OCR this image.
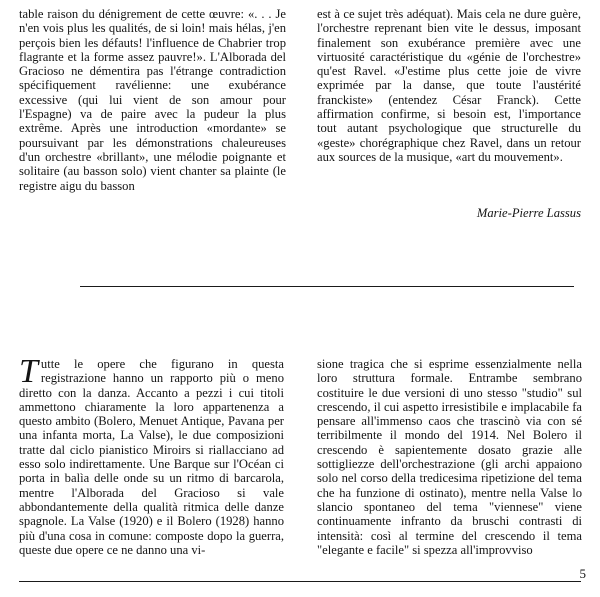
table raison du dénigrement de cette œuvre: «. . . Je n'en vois plus les qualités, de si loin! mais hélas, j'en perçois bien les défauts! l'influence de Chabrier trop flagrante et la forme assez pauvre!». L'Alborada del Gracioso ne démentira pas l'étrange contradiction spécifiquement ravélienne: une exubérance excessive (qui lui vient de son amour pour l'Espagne) va de paire avec la pudeur la plus extrême. Après une introduction «mordante» se poursuivant par les démonstrations chaleureuses d'un orchestre «brillant», une mélodie poignante et solitaire (au basson solo) vient chanter sa plainte (le registre aigu du basson

est à ce sujet très adéquat). Mais cela ne dure guère, l'orchestre reprenant bien vite le dessus, imposant finalement son exubérance première avec une virtuosité caractéristique du «génie de l'orchestre» qu'est Ravel. «J'estime plus cette joie de vivre exprimée par la danse, que toute l'austérité franckiste» (entendez César Franck). Cette affirmation confirme, si besoin est, l'importance tout autant psychologique que structurelle du «geste» chorégraphique chez Ravel, dans un retour aux sources de la musique, «art du mouvement».

Marie-Pierre Lassus

Tutte le opere che figurano in questa registrazione hanno un rapporto più o meno diretto con la danza. Accanto a pezzi i cui titoli ammettono chiaramente la loro appartenenza a questo ambito (Bolero, Menuet Antique, Pavana per una infanta morta, La Valse), le due composizioni tratte dal ciclo pianistico Miroirs si riallacciano ad esso solo indirettamente. Une Barque sur l'Océan ci porta in balìa delle onde su un ritmo di barcarola, mentre l'Alborada del Gracioso si vale abbondantemente della qualità ritmica delle danze spagnole. La Valse (1920) e il Bolero (1928) hanno più d'una cosa in comune: composte dopo la guerra, queste due opere ce ne danno una vi-

sione tragica che si esprime essenzialmente nella loro struttura formale. Entrambe sembrano costituire le due versioni di uno stesso "studio" sul crescendo, il cui aspetto irresistibile e implacabile fa pensare all'immenso caos che trascinò via con sé terribilmente il mondo del 1914. Nel Bolero il crescendo è sapientemente dosato grazie alle sottigliezze dell'orchestrazione (gli archi appaiono solo nel corso della tredicesima ripetizione del tema che ha funzione di ostinato), mentre nella Valse lo slancio spontaneo del tema "viennese" viene continuamente infranto da bruschi contrasti di intensità: così al termine del crescendo il tema "elegante e facile" si spezza all'improvviso

5
